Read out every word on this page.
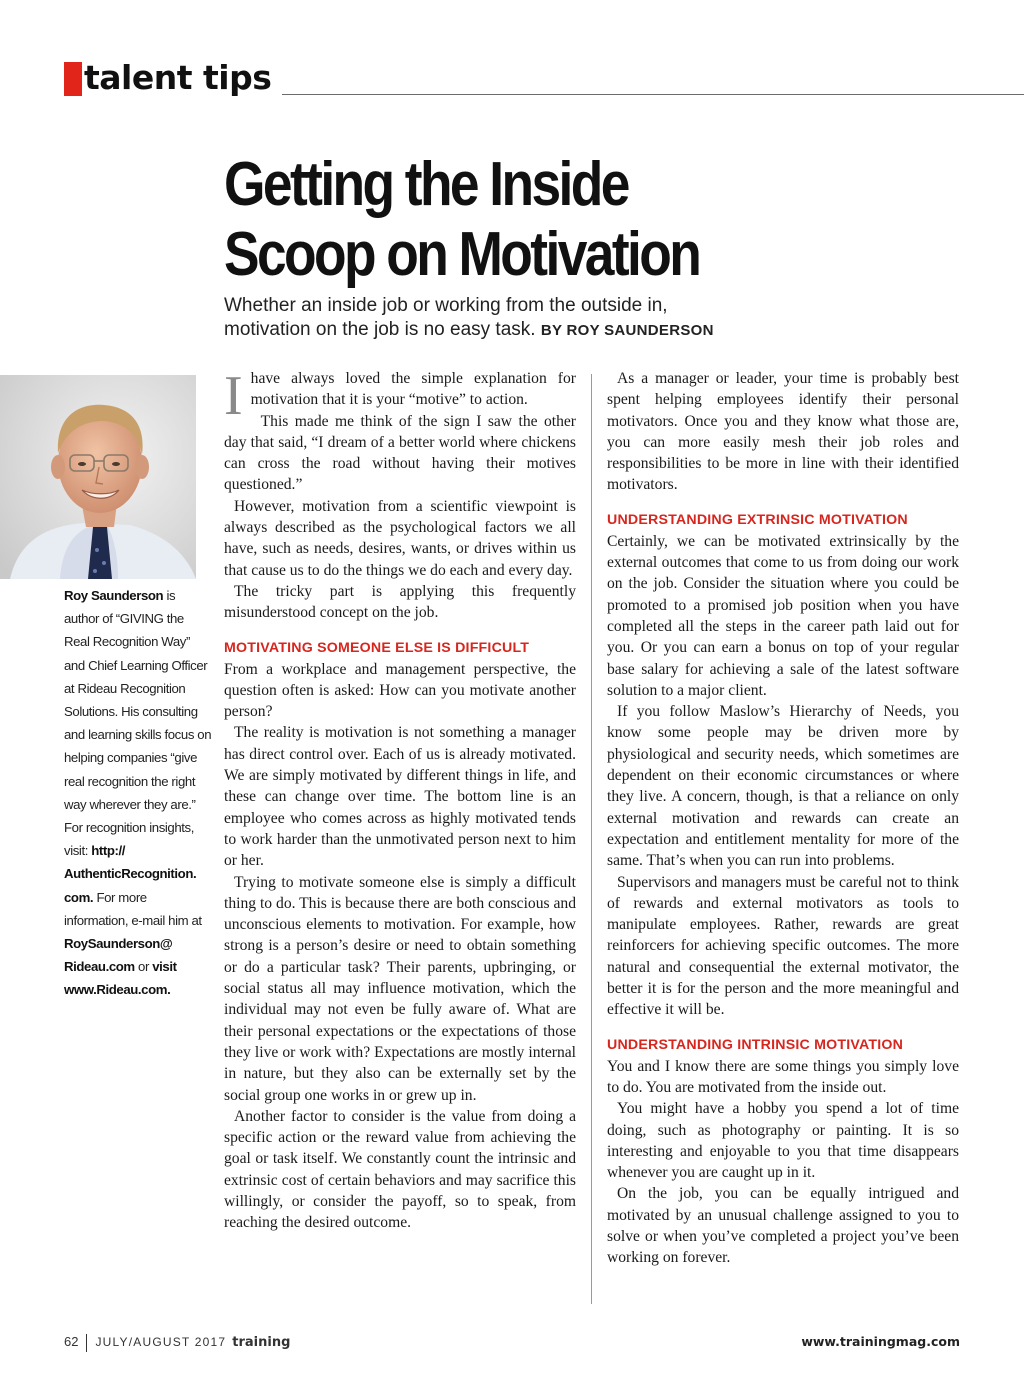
talent tips
Getting the Inside
Scoop on Motivation
Whether an inside job or working from the outside in,
motivation on the job is no easy task. BY ROY SAUNDERSON
Roy Saunderson is author of “GIVING the Real Recognition Way” and Chief Learning Officer at Rideau Recognition Solutions. His consulting and learning skills focus on helping companies “give real recognition the right way wherever they are.” For recognition insights, visit: http:// AuthenticRecognition. com. For more information, e-mail him at RoySaunderson@ Rideau.com or visit www.Rideau.com.
I have always loved the simple explanation for motivation that it is your “motive” to action.

This made me think of the sign I saw the other day that said, “I dream of a better world where chickens can cross the road without having their motives questioned.”

However, motivation from a scientific viewpoint is always described as the psychological factors we all have, such as needs, desires, wants, or drives within us that cause us to do the things we do each and every day.

The tricky part is applying this frequently misunderstood concept on the job.

MOTIVATING SOMEONE ELSE IS DIFFICULT

From a workplace and management perspective, the question often is asked: How can you motivate another person?

The reality is motivation is not something a manager has direct control over. Each of us is already motivated. We are simply motivated by different things in life, and these can change over time. The bottom line is an employee who comes across as highly motivated tends to work harder than the unmotivated person next to him or her.

Trying to motivate someone else is simply a difficult thing to do. This is because there are both conscious and unconscious elements to motivation. For example, how strong is a person’s desire or need to obtain something or do a particular task? Their parents, upbringing, or social status all may influence motivation, which the individual may not even be fully aware of. What are their personal expectations or the expectations of those they live or work with? Expectations are mostly internal in nature, but they also can be externally set by the social group one works in or grew up in.

Another factor to consider is the value from doing a specific action or the reward value from achieving the goal or task itself. We constantly count the intrinsic and extrinsic cost of certain behaviors and may sacrifice this willingly, or consider the payoff, so to speak, from reaching the desired outcome.

As a manager or leader, your time is probably best spent helping employees identify their personal motivators. Once you and they know what those are, you can more easily mesh their job roles and responsibilities to be more in line with their identified motivators.

UNDERSTANDING EXTRINSIC MOTIVATION

Certainly, we can be motivated extrinsically by the external outcomes that come to us from doing our work on the job. Consider the situation where you could be promoted to a promised job position when you have completed all the steps in the career path laid out for you. Or you can earn a bonus on top of your regular base salary for achieving a sale of the latest software solution to a major client.

If you follow Maslow’s Hierarchy of Needs, you know some people may be driven more by physiological and security needs, which sometimes are dependent on their economic circumstances or where they live. A concern, though, is that a reliance on only external motivation and rewards can create an expectation and entitlement mentality for more of the same. That’s when you can run into problems.

Supervisors and managers must be careful not to think of rewards and external motivators as tools to manipulate employees. Rather, rewards are great reinforcers for achieving specific outcomes. The more natural and consequential the external motivator, the better it is for the person and the more meaningful and effective it will be.

UNDERSTANDING INTRINSIC MOTIVATION

You and I know there are some things you simply love to do. You are motivated from the inside out.

You might have a hobby you spend a lot of time doing, such as photography or painting. It is so interesting and enjoyable to you that time disappears whenever you are caught up in it.

On the job, you can be equally intrigued and motivated by an unusual challenge assigned to you to solve or when you’ve completed a project you’ve been working on forever.

62 JULY/AUGUST 2017 training	www.trainingmag.com
